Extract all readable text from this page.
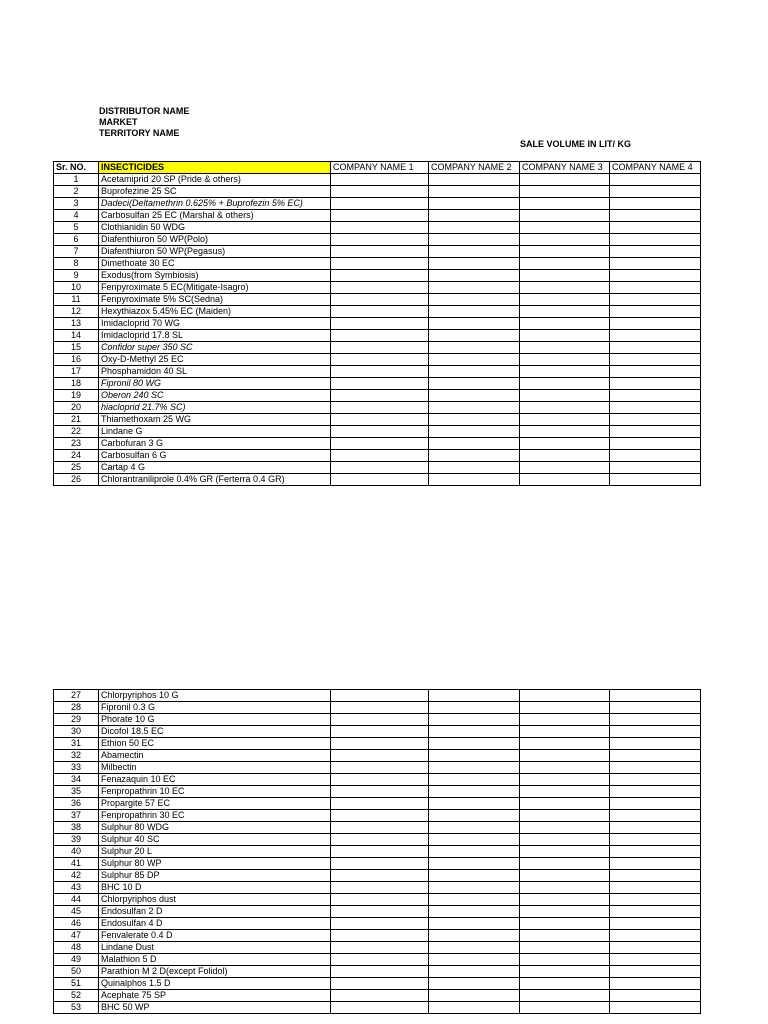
DISTRIBUTOR NAME
MARKET
TERRITORY NAME
SALE VOLUME IN LIT/ KG
Sr. NO.	INSECTICIDES	COMPANY NAME 1	COMPANY NAME 2	COMPANY NAME 3	COMPANY NAME 4
1	Acetamiprid 20 SP (Pride & others)				
2	Buprofezine 25 SC				
3	Dadeci(Deltamethrin 0.625% + Buprofezin 5% EC)				
4	Carbosulfan 25 EC (Marshal & others)				
5	Clothianidin 50 WDG				
6	Diafenthiuron 50 WP(Polo)				
7	Diafenthiuron 50 WP(Pegasus)				
8	Dimethoate 30 EC				
9	Exodus(from Symbiosis)				
10	Fenpyroximate 5 EC(Mitigate-Isagro)				
11	Fenpyroximate 5% SC(Sedna)				
12	Hexythiazox 5.45% EC (Maiden)				
13	Imidacloprid 70 WG				
14	Imidacloprid 17.8 SL				
15	Confidor super 350 SC				
16	Oxy-D-Methyl 25 EC				
17	Phosphamidon 40 SL				
18	Fipronil 80 WG				
19	Oberon 240 SC				
20	hiacloprid 21.7% SC)				
21	Thiamethoxam 25 WG				
22	Lindane G				
23	Carbofuran 3 G				
24	Carbosulfan 6 G				
25	Cartap 4 G				
26	Chlorantraniliprole 0.4% GR (Ferterra 0.4 GR)				
27	Chlorpyriphos 10 G				
28	Fipronil 0.3 G				
29	Phorate 10 G				
30	Dicofol 18.5 EC				
31	Ethion 50 EC				
32	Abamectin				
33	Milbectin				
34	Fenazaquin 10 EC				
35	Fenpropathrin 10 EC				
36	Propargite 57 EC				
37	Fenpropathrin 30 EC				
38	Sulphur 80 WDG				
39	Sulphur 40 SC				
40	Sulphur 20 L				
41	Sulphur 80 WP				
42	Sulphur 85 DP				
43	BHC 10 D				
44	Chlorpyriphos dust				
45	Endosulfan 2 D				
46	Endosulfan 4 D				
47	Fenvalerate 0.4 D				
48	Lindane Dust				
49	Malathion 5 D				
50	Parathion M 2 D(except Folidol)				
51	Quinalphos 1.5 D				
52	Acephate 75 SP				
53	BHC 50 WP				
